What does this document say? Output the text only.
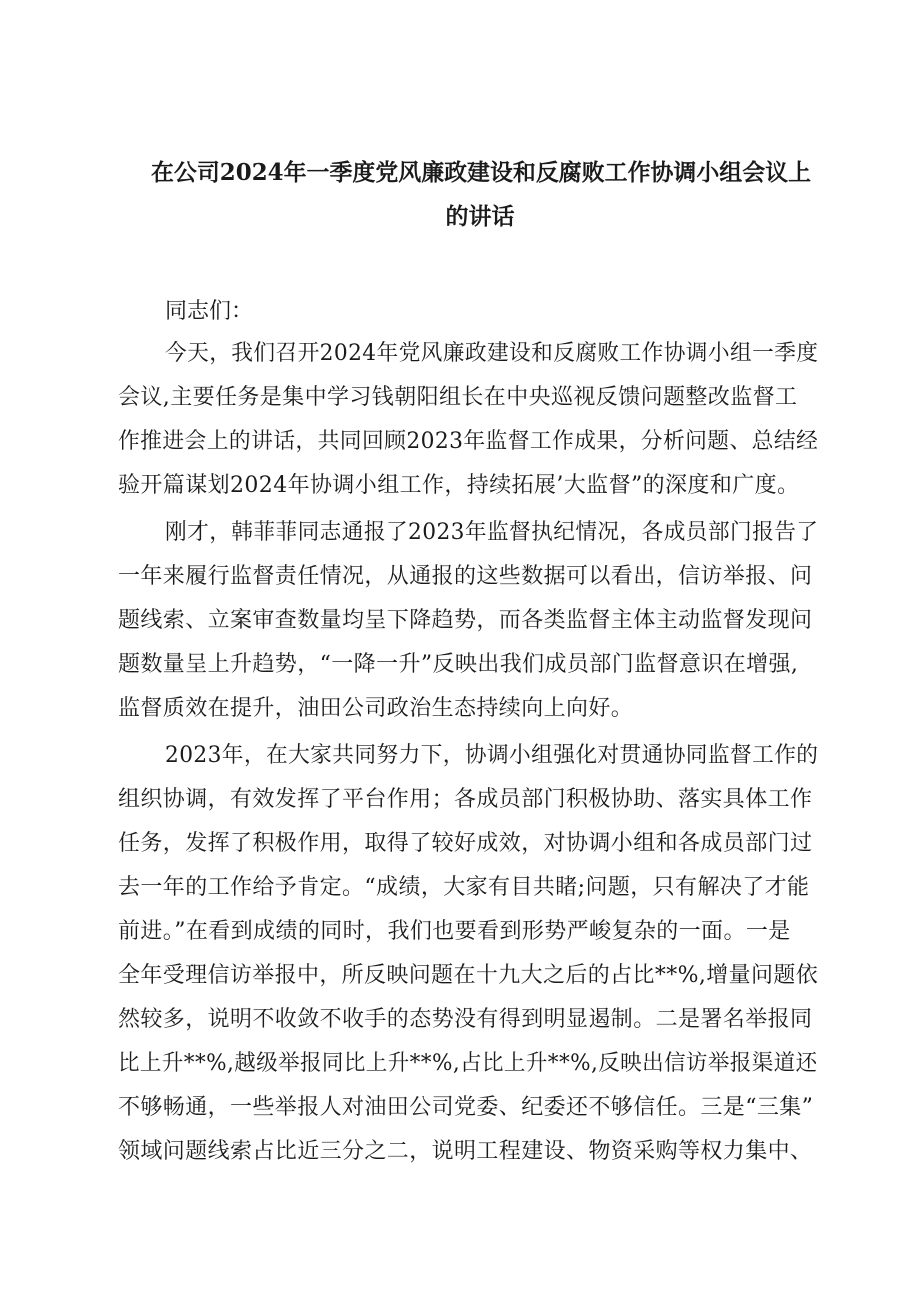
在公司2024年一季度党风廉政建设和反腐败工作协调小组会议上
的讲话
同志们：
今天，我们召开2024年党风廉政建设和反腐败工作协调小组一季度
会议,主要任务是集中学习钱朝阳组长在中央巡视反馈问题整改监督工
作推进会上的讲话，共同回顾2023年监督工作成果，分析问题、总结经
验开篇谋划2024年协调小组工作，持续拓展’大监督”的深度和广度。
刚才，韩菲菲同志通报了2023年监督执纪情况，各成员部门报告了
一年来履行监督责任情况，从通报的这些数据可以看出，信访举报、问
题线索、立案审查数量均呈下降趋势，而各类监督主体主动监督发现问
题数量呈上升趋势，“一降一升”反映出我们成员部门监督意识在增强,
监督质效在提升，油田公司政治生态持续向上向好。
2023年，在大家共同努力下，协调小组强化对贯通协同监督工作的
组织协调，有效发挥了平台作用；各成员部门积极协助、落实具体工作
任务，发挥了积极作用，取得了较好成效，对协调小组和各成员部门过
去一年的工作给予肯定。“成绩，大家有目共睹;问题，只有解决了才能
前进。”在看到成绩的同时，我们也要看到形势严峻复杂的一面。一是
全年受理信访举报中，所反映问题在十九大之后的占比**%,增量问题依
然较多，说明不收敛不收手的态势没有得到明显遏制。二是署名举报同
比上升**%,越级举报同比上升**%,占比上升**%,反映出信访举报渠道还
不够畅通，一些举报人对油田公司党委、纪委还不够信任。三是“三集”
领域问题线索占比近三分之二，说明工程建设、物资采购等权力集中、
